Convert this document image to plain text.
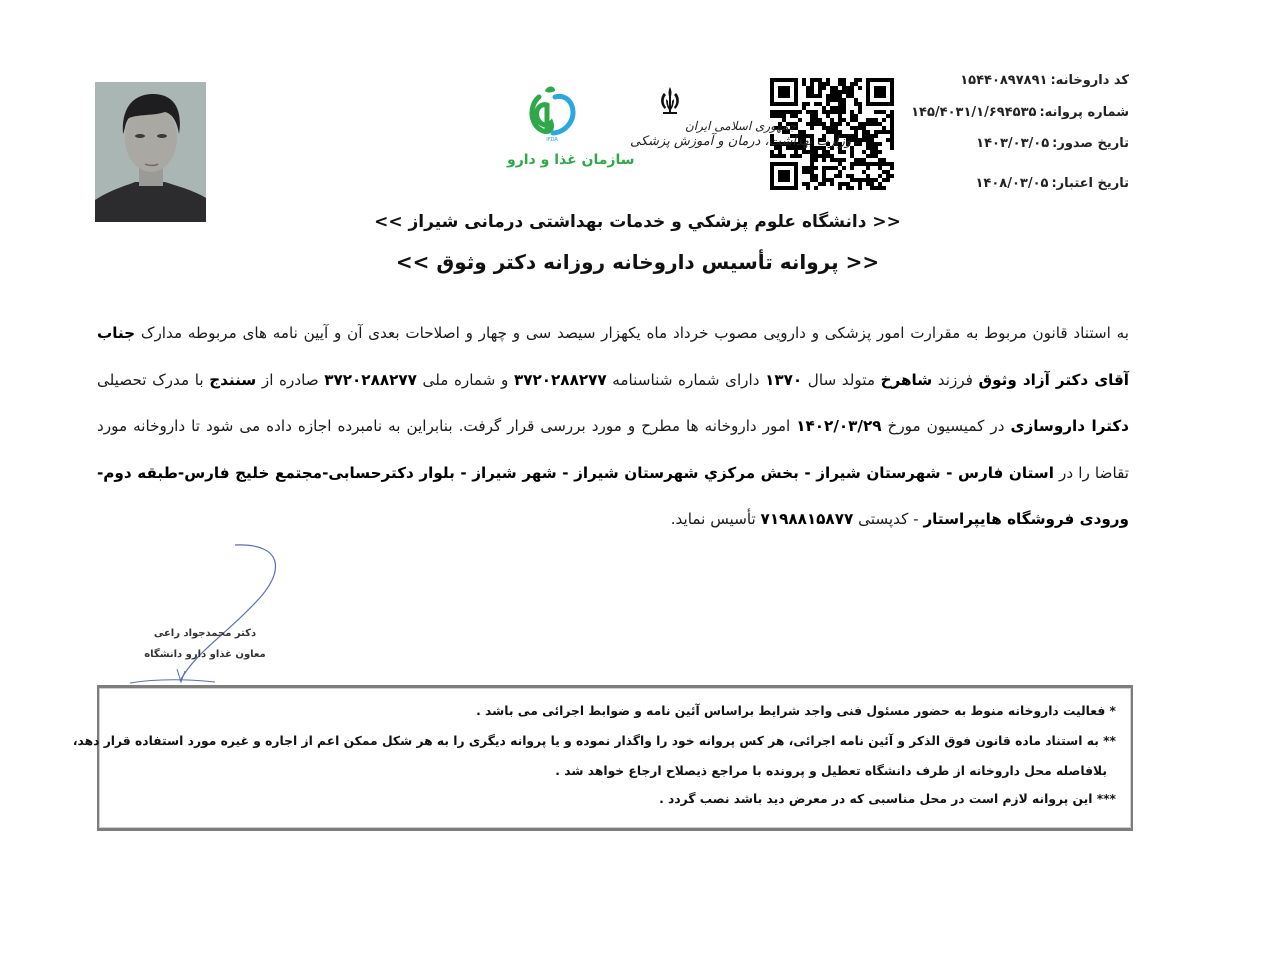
کد داروخانه:۱۵۴۴۰۸۹۷۸۹۱
شماره پروانه:۱۴۵/۴۰۳۱/۱/۶۹۴۵۳۵
تاریخ صدور:۱۴۰۳/۰۳/۰۵
تاریخ اعتبار:۱۴۰۸/۰۳/۰۵
جمهوری اسلامی ایران
وزارت بهداشت، درمان و آموزش پزشکی
IFDA
سازمان غذا و دارو
<< دانشگاه علوم پزشكي و خدمات بهداشتی درمانی شیراز >>
<< پروانه تأسیس داروخانه روزانه دكتر وثوق >>
به استناد قانون مربوط به مقرارت امور پزشکی و دارویی مصوب خرداد ماه یکهزار سیصد سی و چهار و اصلاحات بعدی آن و آیین نامه های مربوطه مدارک جناب آقای دکتر آزاد وثوق فرزند شاهرخ متولد سال ۱۳۷۰ دارای شماره شناسنامه ۳۷۲۰۲۸۸۲۷۷ و شماره ملی ۳۷۲۰۲۸۸۲۷۷ صادره از سنندج با مدرک تحصیلی دکترا داروسازی در کمیسیون مورخ ۱۴۰۲/۰۳/۲۹ امور داروخانه ها مطرح و مورد بررسی قرار گرفت. بنابراین به نامبرده اجازه داده می شود تا داروخانه مورد تقاضا را در استان فارس - شهرستان شیراز - بخش مرکزي شهرستان شیراز - شهر شیراز - بلوار دکترحسابی-مجتمع خلیج فارس-طبقه دوم- ورودی فروشگاه هایپراستار - کدپستی ۷۱۹۸۸۱۵۸۷۷ تأسیس نماید.
دکتر محمدجواد راعی
معاون غذاو دارو دانشگاه
* فعالیت داروخانه منوط به حضور مسئول فنی واجد شرایط براساس آئین نامه و ضوابط اجرائی می باشد .
** به استناد ماده قانون فوق الذکر و آئین نامه اجرائی، هر کس پروانه خود را واگذار نموده و یا پروانه دیگری را به هر شکل ممکن اعم از اجاره و غیره مورد استفاده قرار دهد،
بلافاصله محل داروخانه از طرف دانشگاه تعطیل و پرونده با مراجع ذیصلاح ارجاع خواهد شد .
*** این پروانه لازم است در محل مناسبی که در معرض دید باشد نصب گردد .
